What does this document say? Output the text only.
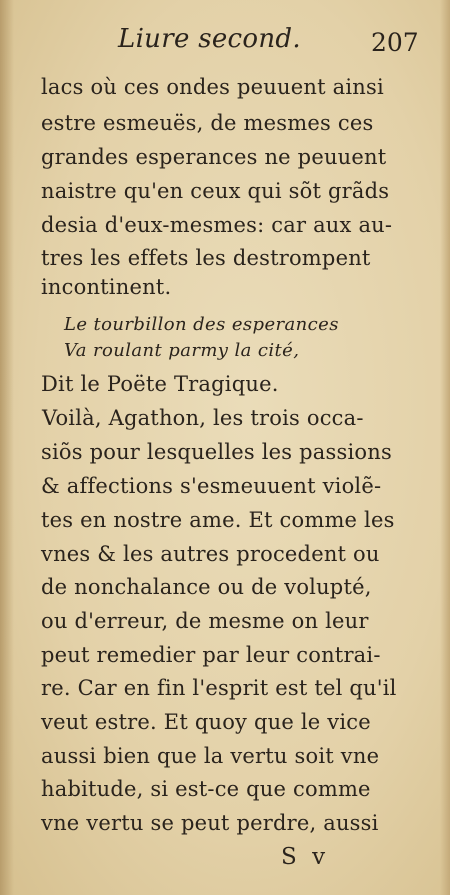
Liure second.	207
lacs où ces ondes peuuent ainsi
estre esmeuës, de mesmes ces
grandes esperances ne peuuent
naistre qu'en ceux qui sõt grãds
desia d'eux-mesmes: car aux au-
tres les effets les destrompent
incontinent.
Le tourbillon des esperances
Va roulant parmy la cité,
Dit le Poëte Tragique.
Voilà, Agathon, les trois occa-
siõs pour lesquelles les passions
& affections s'esmeuuent violẽ-
tes en nostre ame. Et comme les
vnes & les autres procedent ou
de nonchalance ou de volupté,
ou d'erreur, de mesme on leur
peut remedier par leur contrai-
re. Car en fin l'esprit est tel qu'il
veut estre. Et quoy que le vice
aussi bien que la vertu soit vne
habitude, si est-ce que comme
vne vertu se peut perdre, aussi
S v
